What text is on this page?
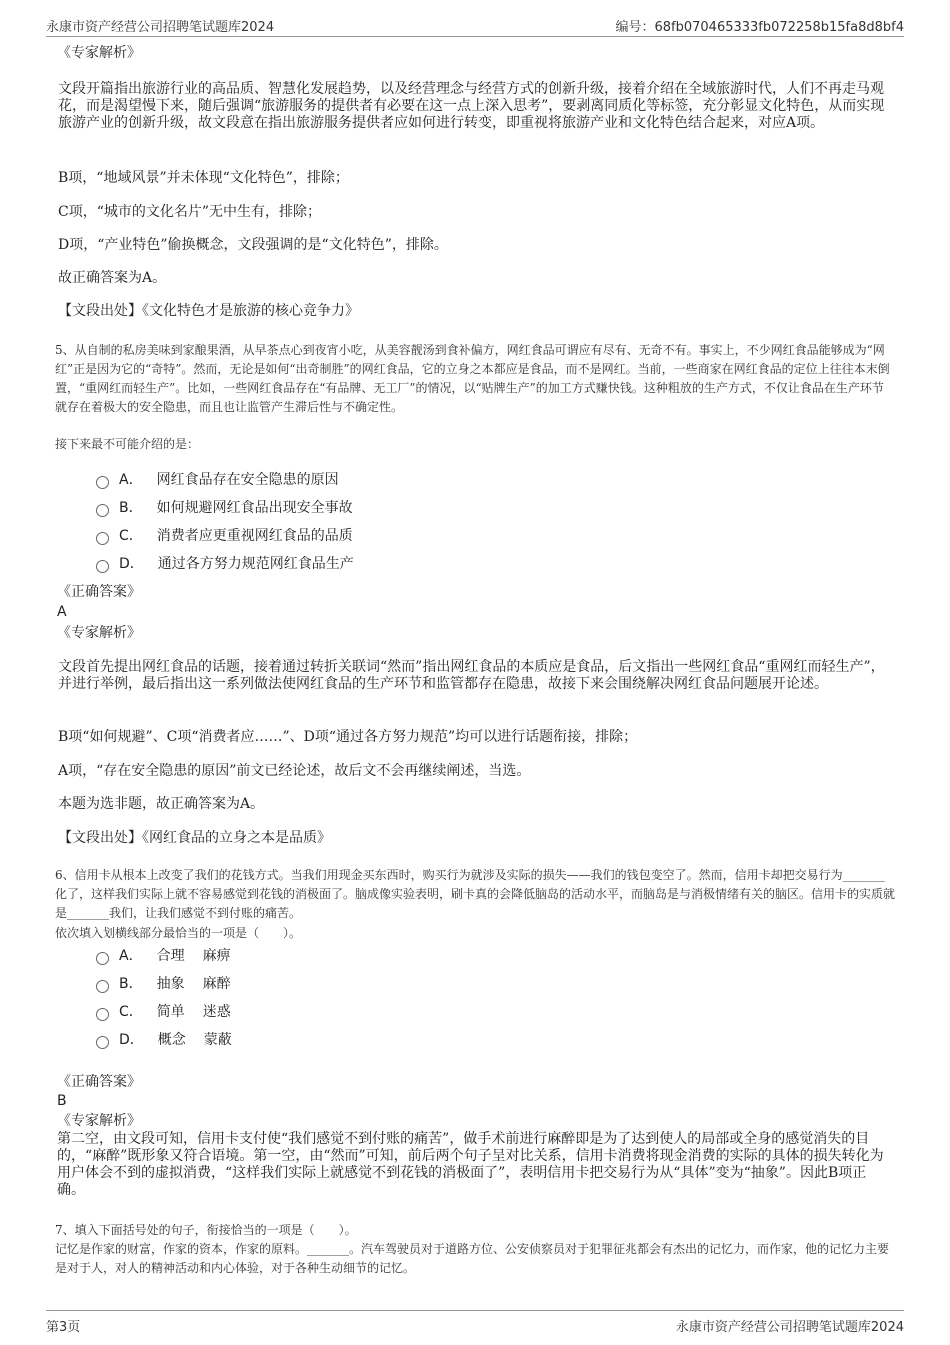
永康市资产经营公司招聘笔试题库2024	编号：68fb070465333fb072258b15fa8d8bf4

《专家解析》

文段开篇指出旅游行业的高品质、智慧化发展趋势，以及经营理念与经营方式的创新升级，接着介绍在全域旅游时代，人们不再走马观花，而是渴望慢下来，随后强调“旅游服务的提供者有必要在这一点上深入思考”，要剥离同质化等标签，充分彰显文化特色，从而实现旅游产业的创新升级，故文段意在指出旅游服务提供者应如何进行转变，即重视将旅游产业和文化特色结合起来，对应A项。

B项，“地域风景”并未体现“文化特色”，排除；

C项，“城市的文化名片”无中生有，排除；

D项，“产业特色”偷换概念，文段强调的是“文化特色”，排除。

故正确答案为A。

【文段出处】《文化特色才是旅游的核心竞争力》

5、从自制的私房美味到家酿果酒，从早茶点心到夜宵小吃，从美容靓汤到食补偏方，网红食品可谓应有尽有、无奇不有。事实上，不少网红食品能够成为“网红”正是因为它的“奇特”。然而，无论是如何“出奇制胜”的网红食品，它的立身之本都应是食品，而不是网红。当前，一些商家在网红食品的定位上往往本末倒置，“重网红而轻生产”。比如，一些网红食品存在“有品牌、无工厂”的情况，以“贴牌生产”的加工方式赚快钱。这种粗放的生产方式，不仅让食品在生产环节就存在着极大的安全隐患，而且也让监管产生滞后性与不确定性。

接下来最不可能介绍的是：

A． 网红食品存在安全隐患的原因
B． 如何规避网红食品出现安全事故
C． 消费者应更重视网红食品的品质
D． 通过各方努力规范网红食品生产

《正确答案》

A

《专家解析》

文段首先提出网红食品的话题，接着通过转折关联词“然而”指出网红食品的本质应是食品，后文指出一些网红食品“重网红而轻生产”，并进行举例，最后指出这一系列做法使网红食品的生产环节和监管都存在隐患，故接下来会围绕解决网红食品问题展开论述。

B项“如何规避”、C项“消费者应……”、D项“通过各方努力规范”均可以进行话题衔接，排除；

A项，“存在安全隐患的原因”前文已经论述，故后文不会再继续阐述，当选。

本题为选非题，故正确答案为A。

【文段出处】《网红食品的立身之本是品质》

6、信用卡从根本上改变了我们的花钱方式。当我们用现金买东西时，购买行为就涉及实际的损失——我们的钱包变空了。然而，信用卡却把交易行为_______化了，这样我们实际上就不容易感觉到花钱的消极面了。脑成像实验表明，刷卡真的会降低脑岛的活动水平，而脑岛是与消极情绪有关的脑区。信用卡的实质就是_______我们，让我们感觉不到付账的痛苦。

依次填入划横线部分最恰当的一项是（　　）。

A． 合理 麻痹
B． 抽象 麻醉
C． 简单 迷惑
D． 概念 蒙蔽

《正确答案》

B

《专家解析》

第二空，由文段可知，信用卡支付使“我们感觉不到付账的痛苦”，做手术前进行麻醉即是为了达到使人的局部或全身的感觉消失的目的，“麻醉”既形象又符合语境。第一空，由“然而”可知，前后两个句子呈对比关系，信用卡消费将现金消费的实际的具体的损失转化为用户体会不到的虚拟消费，“这样我们实际上就感觉不到花钱的消极面了”，表明信用卡把交易行为从“具体”变为“抽象”。因此B项正确。

7、填入下面括号处的句子，衔接恰当的一项是（　　）。

记忆是作家的财富，作家的资本，作家的原料。_______。汽车驾驶员对于道路方位、公安侦察员对于犯罪征兆都会有杰出的记忆力，而作家，他的记忆力主要是对于人，对人的精神活动和内心体验，对于各种生动细节的记忆。

第3页	永康市资产经营公司招聘笔试题库2024
